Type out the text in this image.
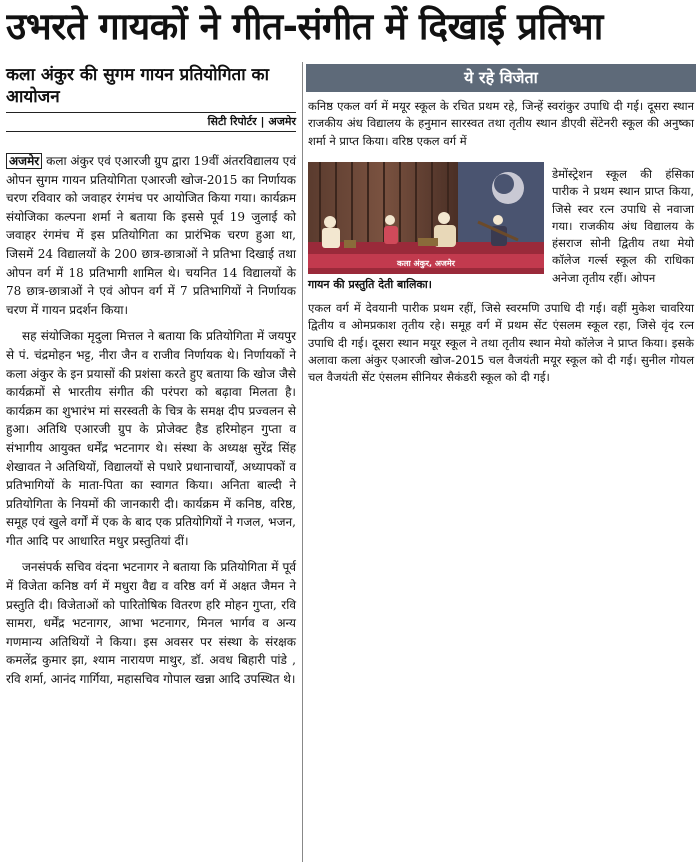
उभरते गायकों ने गीत-संगीत में दिखाई प्रतिभा
कला अंकुर की सुगम गायन प्रतियोगिता का आयोजन
सिटी रिपोर्टर | अजमेर

अजमेर कला अंकुर एवं एआरजी ग्रुप द्वारा 19वीं अंतरविद्यालय एवं ओपन सुगम गायन प्रतियोगिता एआरजी खोज-2015 का निर्णायक चरण रविवार को जवाहर रंगमंच पर आयोजित किया गया। कार्यक्रम संयोजिका कल्पना शर्मा ने बताया कि इससे पूर्व 19 जुलाई को जवाहर रंगमंच में इस प्रतियोगिता का प्रारंभिक चरण हुआ था, जिसमें 24 विद्यालयों के 200 छात्र-छात्राओं ने प्रतिभा दिखाई तथा ओपन वर्ग में 18 प्रतिभागी शामिल थे। चयनित 14 विद्यालयों के 78 छात्र-छात्राओं ने एवं ओपन वर्ग में 7 प्रतिभागियों ने निर्णायक चरण में गायन प्रदर्शन किया।

सह संयोजिका मृदुला मित्तल ने बताया कि प्रतियोगिता में जयपुर से पं. चंद्रमोहन भट्ट, नीरा जैन व राजीव निर्णायक थे। निर्णायकों ने कला अंकुर के इन प्रयासों की प्रशंसा करते हुए बताया कि खोज जैसे कार्यक्रमों से भारतीय संगीत की परंपरा को बढ़ावा मिलता है। कार्यक्रम का शुभारंभ मां सरस्वती के चित्र के समक्ष दीप प्रज्वलन से हुआ। अतिथि एआरजी ग्रुप के प्रोजेक्ट हैड हरिमोहन गुप्ता व संभागीय आयुक्त धर्मेंद्र भटनागर थे। संस्था के अध्यक्ष सुरेंद्र सिंह शेखावत ने अतिथियों, विद्यालयों से पधारे प्रधानाचार्यों, अध्यापकों व प्रतिभागियों के माता-पिता का स्वागत किया। अनिता बाल्दी ने प्रतियोगिता के नियमों की जानकारी दी। कार्यक्रम में कनिष्ठ, वरिष्ठ, समूह एवं खुले वर्गों में एक के बाद एक प्रतियोगियों ने गजल, भजन, गीत आदि पर आधारित मधुर प्रस्तुतियां दीं।

जनसंपर्क सचिव वंदना भटनागर ने बताया कि प्रतियोगिता में पूर्व में विजेता कनिष्ठ वर्ग में मधुरा वैद्य व वरिष्ठ वर्ग में अक्षत जैमन ने प्रस्तुति दी। विजेताओं को पारितोषिक वितरण हरि मोहन गुप्ता, रवि सामरा, धर्मेंद्र भटनागर, आभा भटनागर, मिनल भार्गव व अन्य गणमान्य अतिथियों ने किया। इस अवसर पर संस्था के संरक्षक कमलेंद्र कुमार झा, श्याम नारायण माथुर, डॉ. अवध बिहारी पांडे , रवि शर्मा, आनंद गार्गिया, महासचिव गोपाल खन्ना आदि उपस्थित थे।

ये रहे विजेता

कनिष्ठ एकल वर्ग में मयूर स्कूल के रचित प्रथम रहे, जिन्हें स्वरांकुर उपाधि दी गई। दूसरा स्थान राजकीय अंध विद्यालय के हनुमान सारस्वत तथा तृतीय स्थान डीएवी सेंटेनरी स्कूल की अनुष्का शर्मा ने प्राप्त किया। वरिष्ठ एकल वर्ग में

कला अंकुर, अजमेर
गायन की प्रस्तुति देती बालिका।

डेमोंस्ट्रेशन स्कूल की हंसिका पारीक ने प्रथम स्थान प्राप्त किया, जिसे स्वर रत्न उपाधि से नवाजा गया। राजकीय अंध विद्यालय के हंसराज सोनी द्वितीय तथा मेयो कॉलेज गर्ल्स स्कूल की राधिका अनेजा तृतीय रहीं। ओपन

एकल वर्ग में देवयानी पारीक प्रथम रहीं, जिसे स्वरमणि उपाधि दी गई। वहीं मुकेश चावरिया द्वितीय व ओमप्रकाश तृतीय रहे। समूह वर्ग में प्रथम सेंट एंसलम स्कूल रहा, जिसे वृंद रत्न उपाधि दी गई। दूसरा स्थान मयूर स्कूल ने तथा तृतीय स्थान मेयो कॉलेज ने प्राप्त किया। इसके अलावा कला अंकुर एआरजी खोज-2015 चल वैजयंती मयूर स्कूल को दी गई। सुनील गोयल चल वैजयंती सेंट एंसलम सीनियर सैकंडरी स्कूल को दी गई।
